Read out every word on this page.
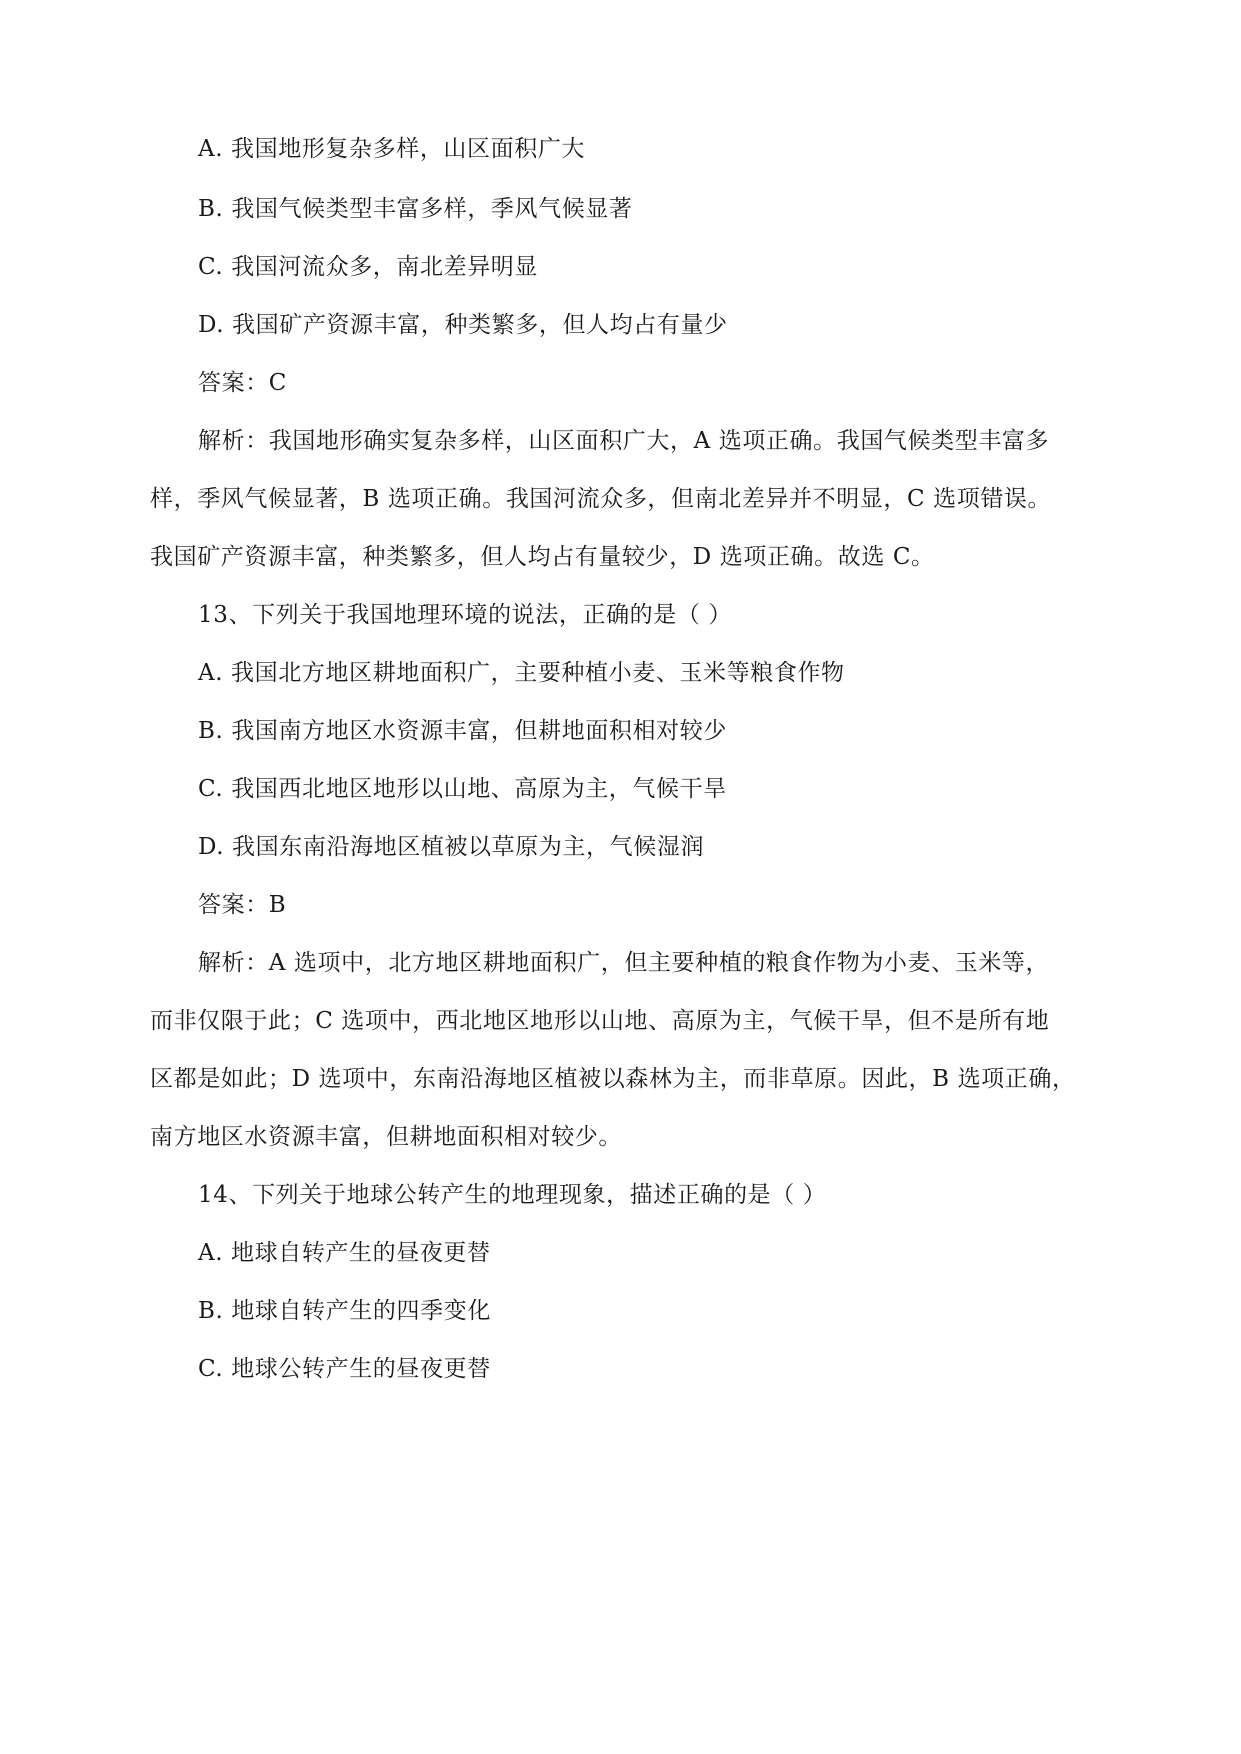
A. 我国地形复杂多样，山区面积广大
B. 我国气候类型丰富多样，季风气候显著
C. 我国河流众多，南北差异明显
D. 我国矿产资源丰富，种类繁多，但人均占有量少
答案：C
解析：我国地形确实复杂多样，山区面积广大，A 选项正确。我国气候类型丰富多
样，季风气候显著，B 选项正确。我国河流众多，但南北差异并不明显，C 选项错误。
我国矿产资源丰富，种类繁多，但人均占有量较少，D 选项正确。故选 C。
13、下列关于我国地理环境的说法，正确的是（ ）
A. 我国北方地区耕地面积广，主要种植小麦、玉米等粮食作物
B. 我国南方地区水资源丰富，但耕地面积相对较少
C. 我国西北地区地形以山地、高原为主，气候干旱
D. 我国东南沿海地区植被以草原为主，气候湿润
答案：B
解析：A 选项中，北方地区耕地面积广，但主要种植的粮食作物为小麦、玉米等，
而非仅限于此；C 选项中，西北地区地形以山地、高原为主，气候干旱，但不是所有地
区都是如此；D 选项中，东南沿海地区植被以森林为主，而非草原。因此，B 选项正确，
南方地区水资源丰富，但耕地面积相对较少。
14、下列关于地球公转产生的地理现象，描述正确的是（ ）
A. 地球自转产生的昼夜更替
B. 地球自转产生的四季变化
C. 地球公转产生的昼夜更替
